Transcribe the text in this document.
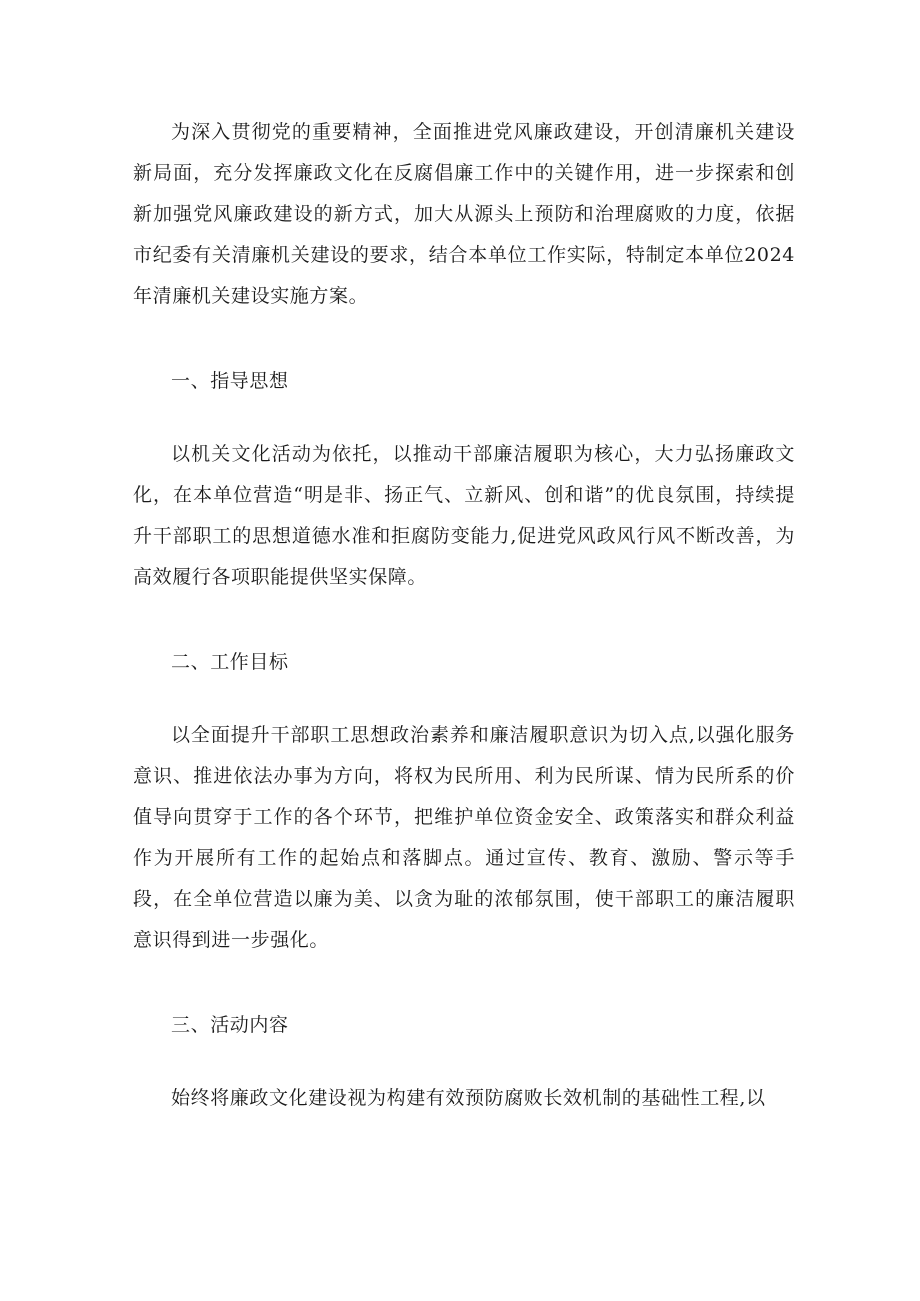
为深入贯彻党的重要精神，全面推进党风廉政建设，开创清廉机关建设新局面，充分发挥廉政文化在反腐倡廉工作中的关键作用，进一步探索和创新加强党风廉政建设的新方式，加大从源头上预防和治理腐败的力度，依据市纪委有关清廉机关建设的要求，结合本单位工作实际，特制定本单位2024年清廉机关建设实施方案。

一、指导思想

以机关文化活动为依托，以推动干部廉洁履职为核心，大力弘扬廉政文化，在本单位营造“明是非、扬正气、立新风、创和谐”的优良氛围，持续提升干部职工的思想道德水准和拒腐防变能力,促进党风政风行风不断改善，为高效履行各项职能提供坚实保障。

二、工作目标

以全面提升干部职工思想政治素养和廉洁履职意识为切入点,以强化服务意识、推进依法办事为方向，将权为民所用、利为民所谋、情为民所系的价值导向贯穿于工作的各个环节，把维护单位资金安全、政策落实和群众利益作为开展所有工作的起始点和落脚点。通过宣传、教育、激励、警示等手段，在全单位营造以廉为美、以贪为耻的浓郁氛围，使干部职工的廉洁履职意识得到进一步强化。

三、活动内容

始终将廉政文化建设视为构建有效预防腐败长效机制的基础性工程,以
